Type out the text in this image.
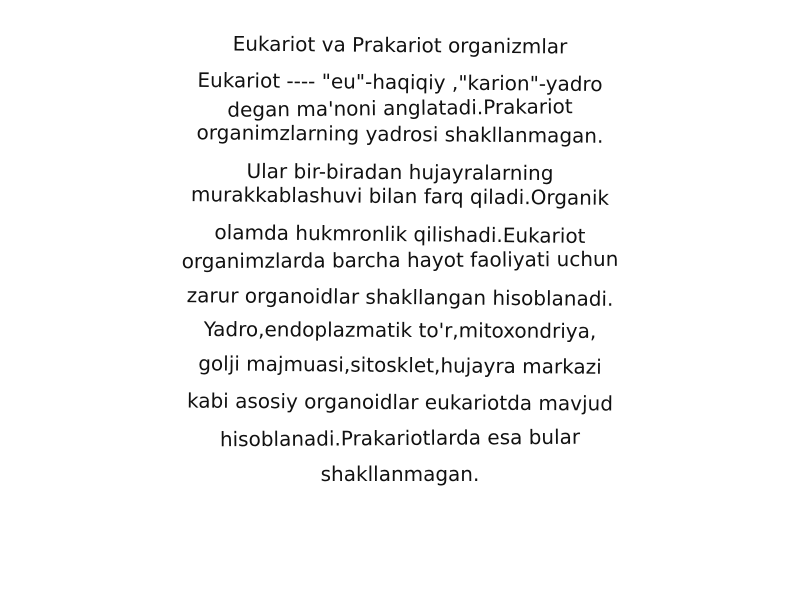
Eukariot va Prakariot organizmlar
Eukariot ---- "eu"-haqiqiy ,"karion"-yadro
degan ma'noni anglatadi.Prakariot
organimzlarning yadrosi shakllanmagan.
Ular bir-biradan hujayralarning
murakkablashuvi bilan farq qiladi.Organik
olamda hukmronlik qilishadi.Eukariot
organimzlarda barcha hayot faoliyati uchun
zarur organoidlar shakllangan hisoblanadi.
Yadro,endoplazmatik to'r,mitoxondriya,
golji majmuasi,sitosklet,hujayra markazi
kabi asosiy organoidlar eukariotda mavjud
hisoblanadi.Prakariotlarda esa bular
shakllanmagan.
